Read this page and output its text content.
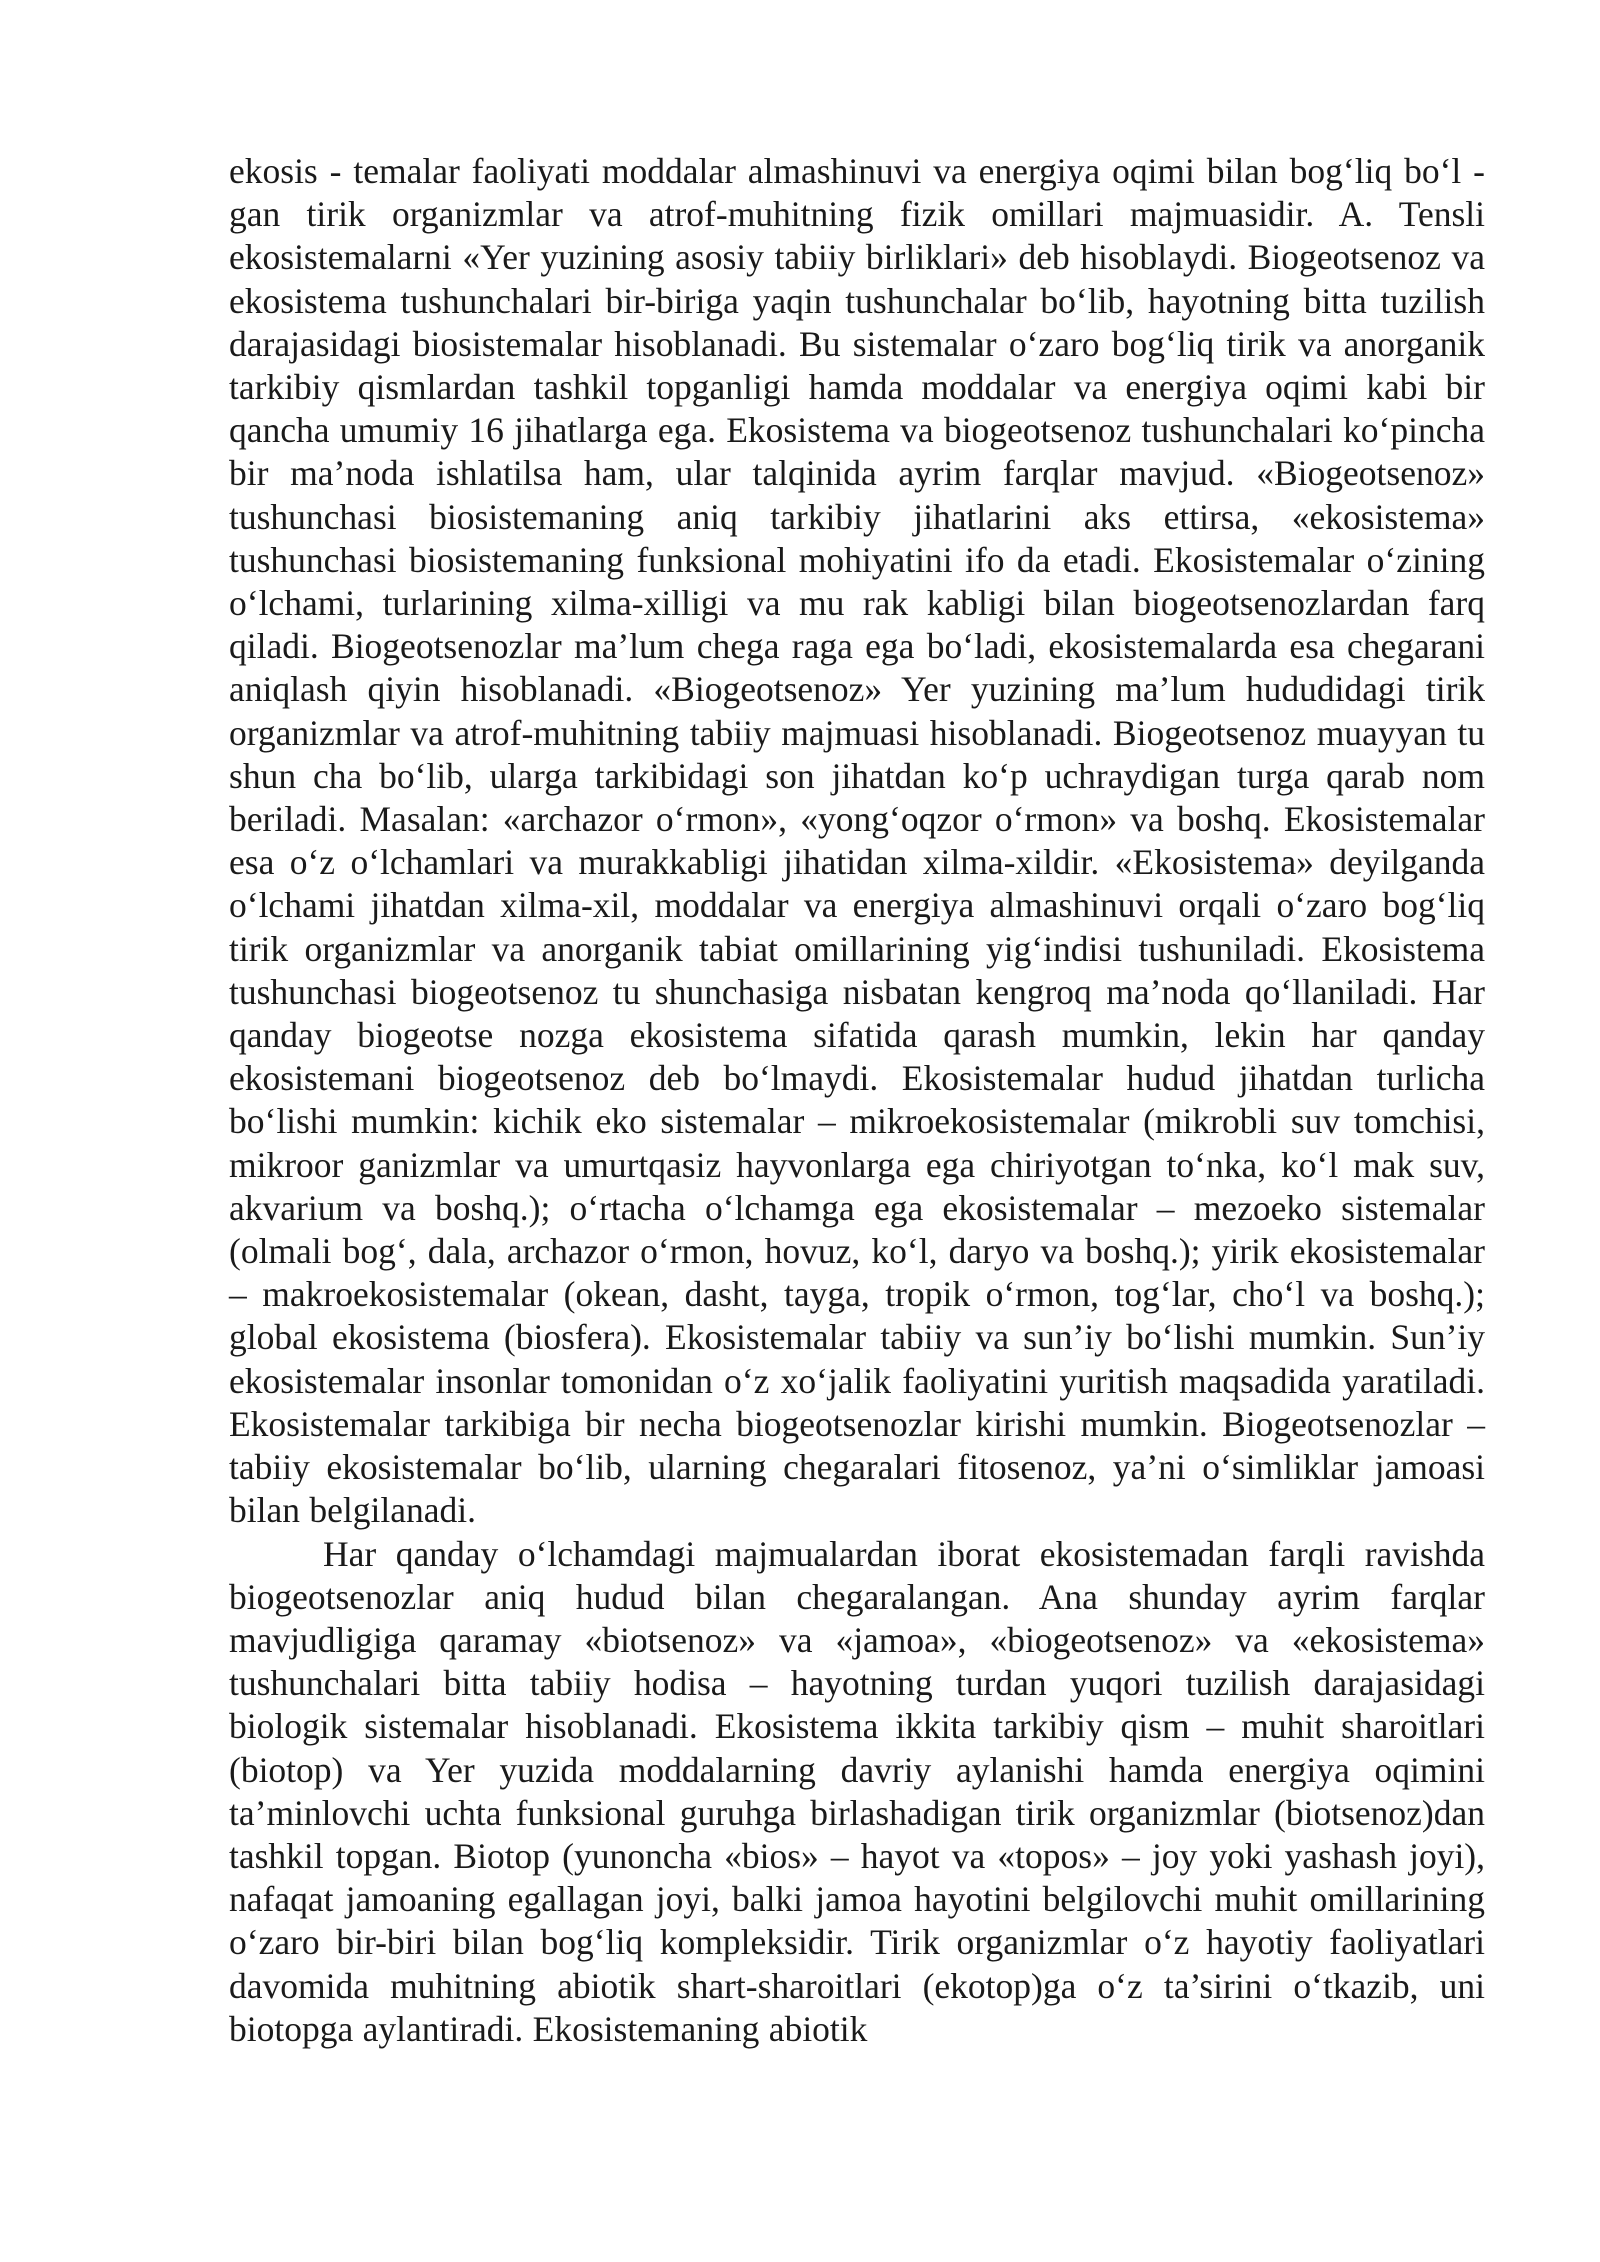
ekosis - temalar faoliyati moddalar almashinuvi va energiya oqimi bilan bog‘liq bo‘l - gan tirik organizmlar va atrof-muhitning fizik omillari majmuasidir. A. Tensli ekosistemalarni «Yer yuzining asosiy tabiiy birliklari» deb hisoblaydi. Biogeotsenoz va ekosistema tushunchalari bir-biriga yaqin tushunchalar bo‘lib, hayotning bitta tuzilish darajasidagi biosistemalar hisoblanadi. Bu sistemalar o‘zaro bog‘liq tirik va anorganik tarkibiy qismlardan tashkil topganligi hamda moddalar va energiya oqimi kabi bir qancha umumiy 16 jihatlarga ega. Ekosistema va biogeotsenoz tushunchalari ko‘pincha bir ma’noda ishlatilsa ham, ular talqinida ayrim farqlar mavjud. «Biogeotsenoz» tushunchasi biosistemaning aniq tarkibiy jihatlarini aks ettirsa, «ekosistema» tushunchasi biosistemaning funksional mohiyatini ifo da etadi. Ekosistemalar o‘zining o‘lchami, turlarining xilma-xilligi va mu rak kabligi bilan biogeotsenozlardan farq qiladi. Biogeotsenozlar ma’lum chega raga ega bo‘ladi, ekosistemalarda esa chegarani aniqlash qiyin hisoblanadi. «Biogeotsenoz» Yer yuzining ma’lum hududidagi tirik organizmlar va atrof-muhitning tabiiy majmuasi hisoblanadi. Biogeotsenoz muayyan tu shun cha bo‘lib, ularga tarkibidagi son jihatdan ko‘p uchraydigan turga qarab nom beriladi. Masalan: «archazor o‘rmon», «yong‘oqzor o‘rmon» va boshq. Ekosistemalar esa o‘z o‘lchamlari va murakkabligi jihatidan xilma-xildir. «Ekosistema» deyilganda o‘lchami jihatdan xilma-xil, moddalar va energiya almashinuvi orqali o‘zaro bog‘liq tirik organizmlar va anorganik tabiat omillarining yig‘indisi tushuniladi. Ekosistema tushunchasi biogeotsenoz tu shunchasiga nisbatan kengroq ma’noda qo‘llaniladi. Har qanday biogeotse nozga ekosistema sifatida qarash mumkin, lekin har qanday ekosistemani biogeotsenoz deb bo‘lmaydi. Ekosistemalar hudud jihatdan turlicha bo‘lishi mumkin: kichik eko sistemalar – mikroekosistemalar (mikrobli suv tomchisi, mikroor ganizmlar va umurtqasiz hayvonlarga ega chiriyotgan to‘nka, ko‘l mak suv, akvarium va boshq.); o‘rtacha o‘lchamga ega ekosistemalar – mezoeko sistemalar (olmali bog‘, dala, archazor o‘rmon, hovuz, ko‘l, daryo va boshq.); yirik ekosistemalar – makroekosistemalar (okean, dasht, tayga, tropik o‘rmon, tog‘lar, cho‘l va boshq.); global ekosistema (biosfera). Ekosistemalar tabiiy va sun’iy bo‘lishi mumkin. Sun’iy ekosistemalar insonlar tomonidan o‘z xo‘jalik faoliyatini yuritish maqsadida yaratiladi. Ekosistemalar tarkibiga bir necha biogeotsenozlar kirishi mumkin. Biogeotsenozlar – tabiiy ekosistemalar bo‘lib, ularning chegaralari fitosenoz, ya’ni o‘simliklar jamoasi bilan belgilanadi.

Har qanday o‘lchamdagi majmualardan iborat ekosistemadan farqli ravishda biogeotsenozlar aniq hudud bilan chegaralangan. Ana shunday ayrim farqlar mavjudligiga qaramay «biotsenoz» va «jamoa», «biogeotsenoz» va «ekosistema» tushunchalari bitta tabiiy hodisa – hayotning turdan yuqori tuzilish darajasidagi biologik sistemalar hisoblanadi. Ekosistema ikkita tarkibiy qism – muhit sharoitlari (biotop) va Yer yuzida moddalarning davriy aylanishi hamda energiya oqimini ta’minlovchi uchta funksional guruhga birlashadigan tirik organizmlar (biotsenoz)dan tashkil topgan. Biotop (yunoncha «bios» – hayot va «topos» – joy yoki yashash joyi), nafaqat jamoaning egallagan joyi, balki jamoa hayotini belgilovchi muhit omillarining o‘zaro bir-biri bilan bog‘liq kompleksidir. Tirik organizmlar o‘z hayotiy faoliyatlari davomida muhitning abiotik shart-sharoitlari (ekotop)ga o‘z ta’sirini o‘tkazib, uni biotopga aylantiradi. Ekosistemaning abiotik
